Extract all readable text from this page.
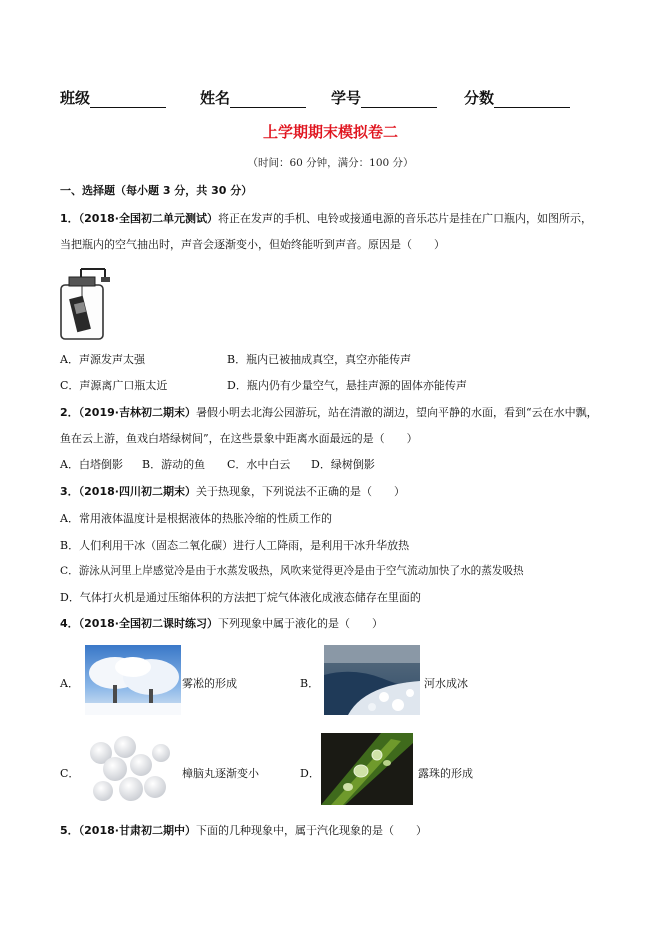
班级	姓名	学号	分数
上学期期末模拟卷二
（时间：60 分钟，满分：100 分）
一、选择题（每小题 3 分，共 30 分）
1．（2018·全国初二单元测试）将正在发声的手机、电铃或接通电源的音乐芯片是挂在广口瓶内，如图所示，
当把瓶内的空气抽出时，声音会逐渐变小，但始终能听到声音。原因是（　　）
A．声源发声太强	B．瓶内已被抽成真空，真空亦能传声
C．声源离广口瓶太近	D．瓶内仍有少量空气，悬挂声源的固体亦能传声
2．（2019·吉林初二期末）暑假小明去北海公园游玩，站在清澈的湖边，望向平静的水面，看到“云在水中飘，
鱼在云上游，鱼戏白塔绿树间”，在这些景象中距离水面最远的是（　　）
A．白塔倒影 B．游动的鱼 C．水中白云 D．绿树倒影
3．（2018·四川初二期末）关于热现象，下列说法不正确的是（　　）
A．常用液体温度计是根据液体的热胀冷缩的性质工作的
B．人们利用干冰（固态二氧化碳）进行人工降雨，是利用干冰升华放热
C．游泳从河里上岸感觉冷是由于水蒸发吸热，风吹来觉得更冷是由于空气流动加快了水的蒸发吸热
D．气体打火机是通过压缩体积的方法把丁烷气体液化成液态储存在里面的
4．（2018·全国初二课时练习）下列现象中属于液化的是（　　）
A．	雾凇的形成	B．	河水成冰
C．	樟脑丸逐渐变小	D．	露珠的形成
5．（2018·甘肃初二期中）下面的几种现象中，属于汽化现象的是（　　）
